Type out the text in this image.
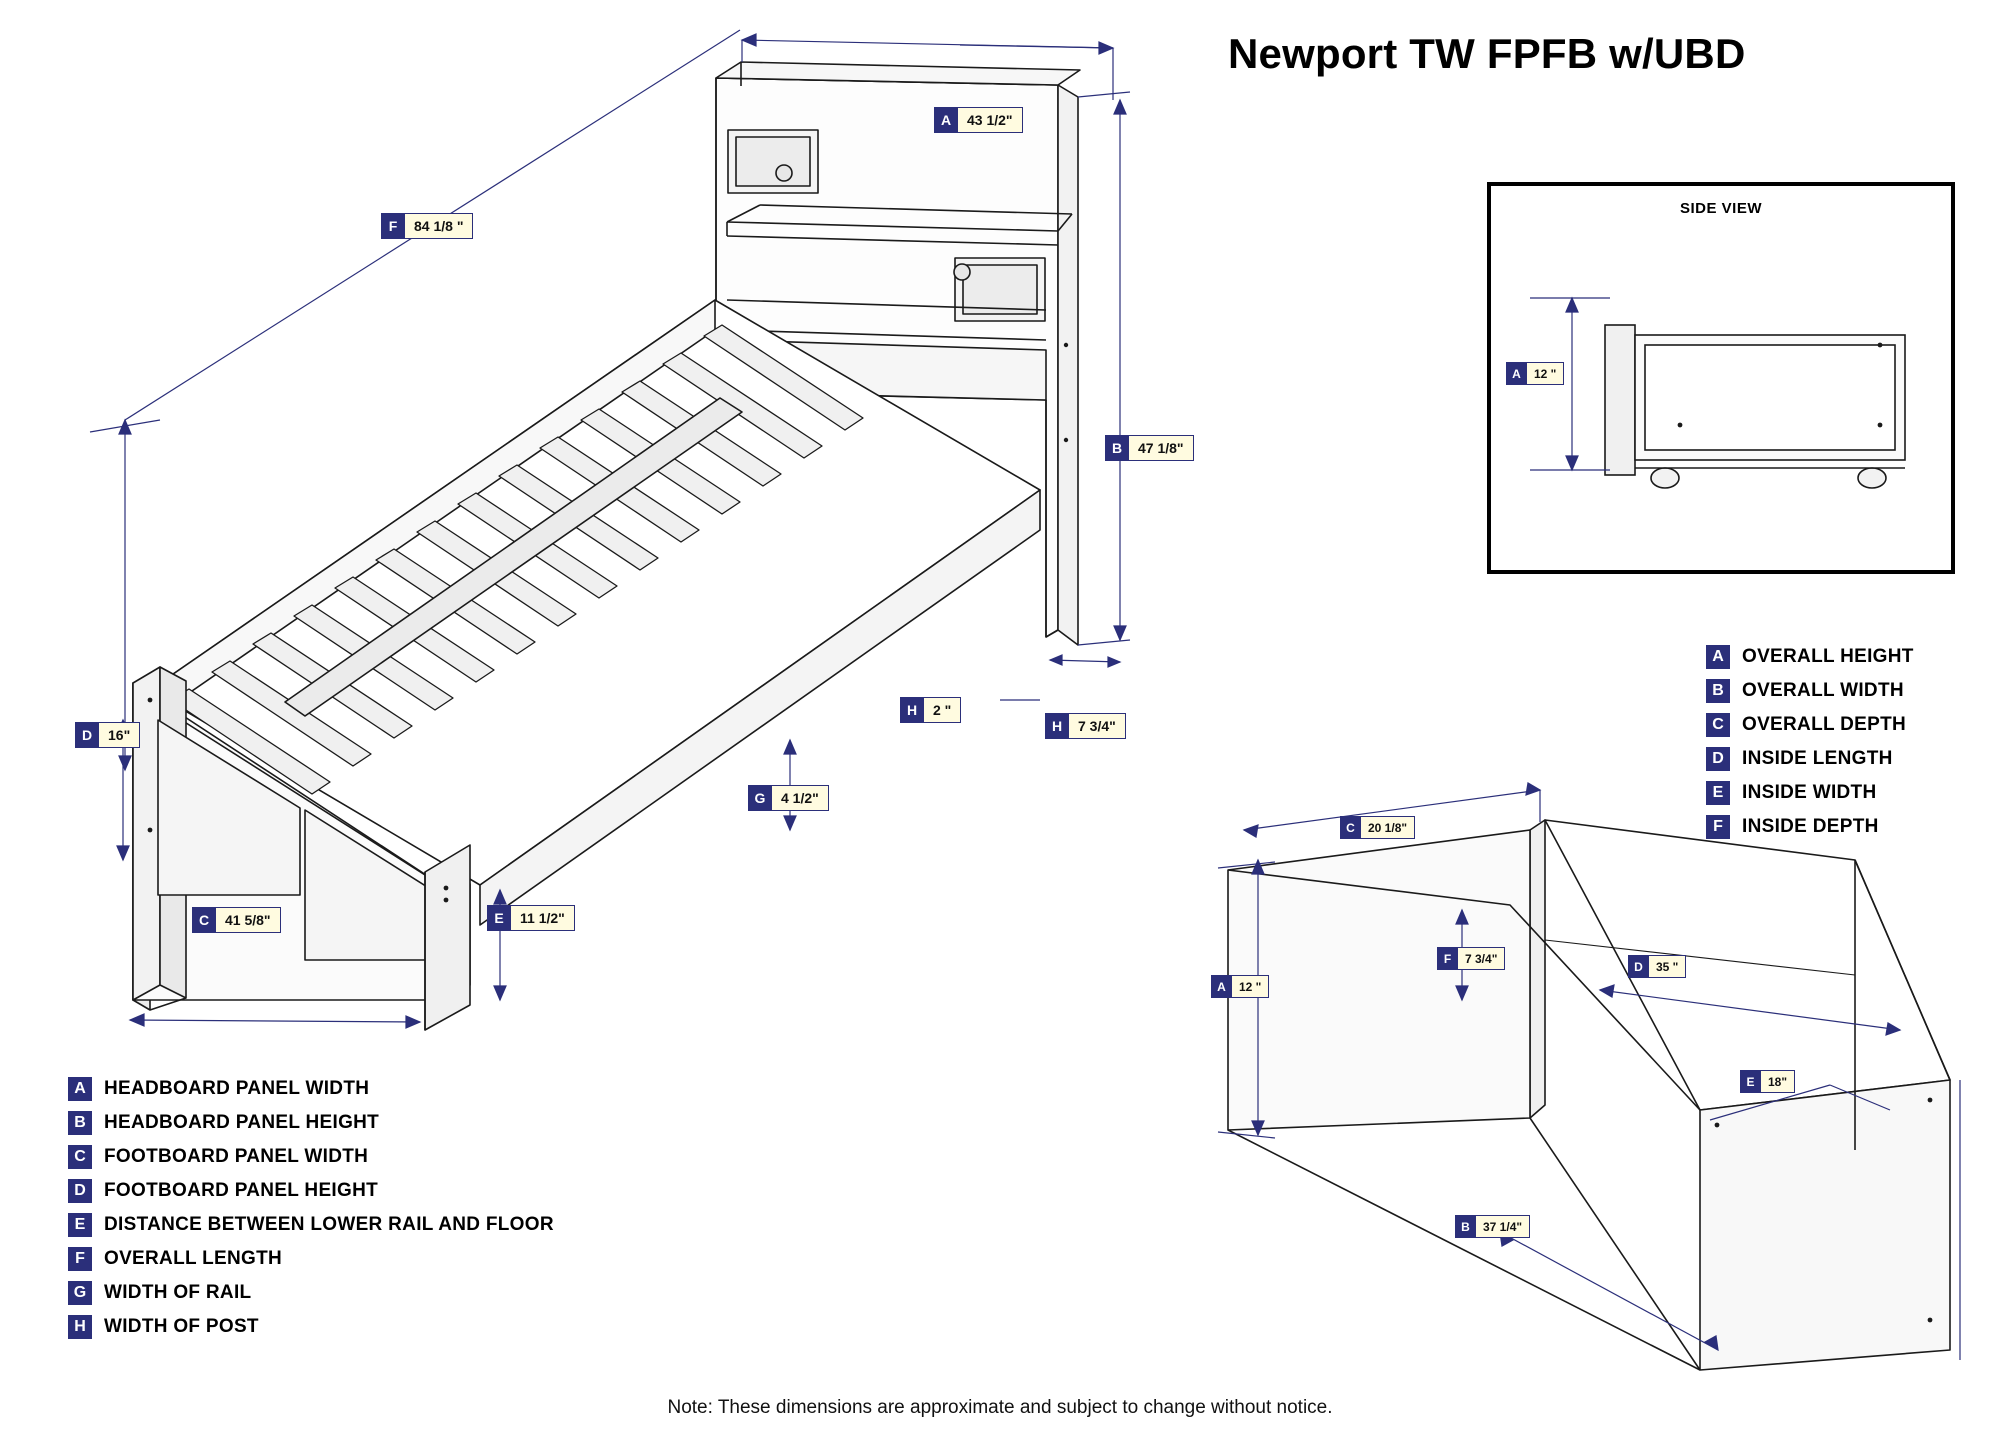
Newport TW FPFB w/UBD
A	43 1/2"
F	84 1/8 "
B	47 1/8"
D	16"
C	41 5/8"	E	11 1/2"
G	4 1/2"
H	2 "
H	7 3/4"
SIDE VIEW
A	12 "
C	20 1/8"
A	12 "
F	7 3/4"
D	35 "
E	18"
B	37 1/4"
A OVERALL HEIGHT
B OVERALL WIDTH
C OVERALL DEPTH
D INSIDE LENGTH
E INSIDE WIDTH
F	INSIDE DEPTH
A HEADBOARD PANEL WIDTH
B HEADBOARD PANEL HEIGHT
C FOOTBOARD PANEL WIDTH
D FOOTBOARD PANEL HEIGHT
E DISTANCE BETWEEN LOWER RAIL AND FLOOR
F	OVERALL LENGTH
G WIDTH OF RAIL
H WIDTH OF POST
Note: These dimensions are approximate and subject to change without notice.
